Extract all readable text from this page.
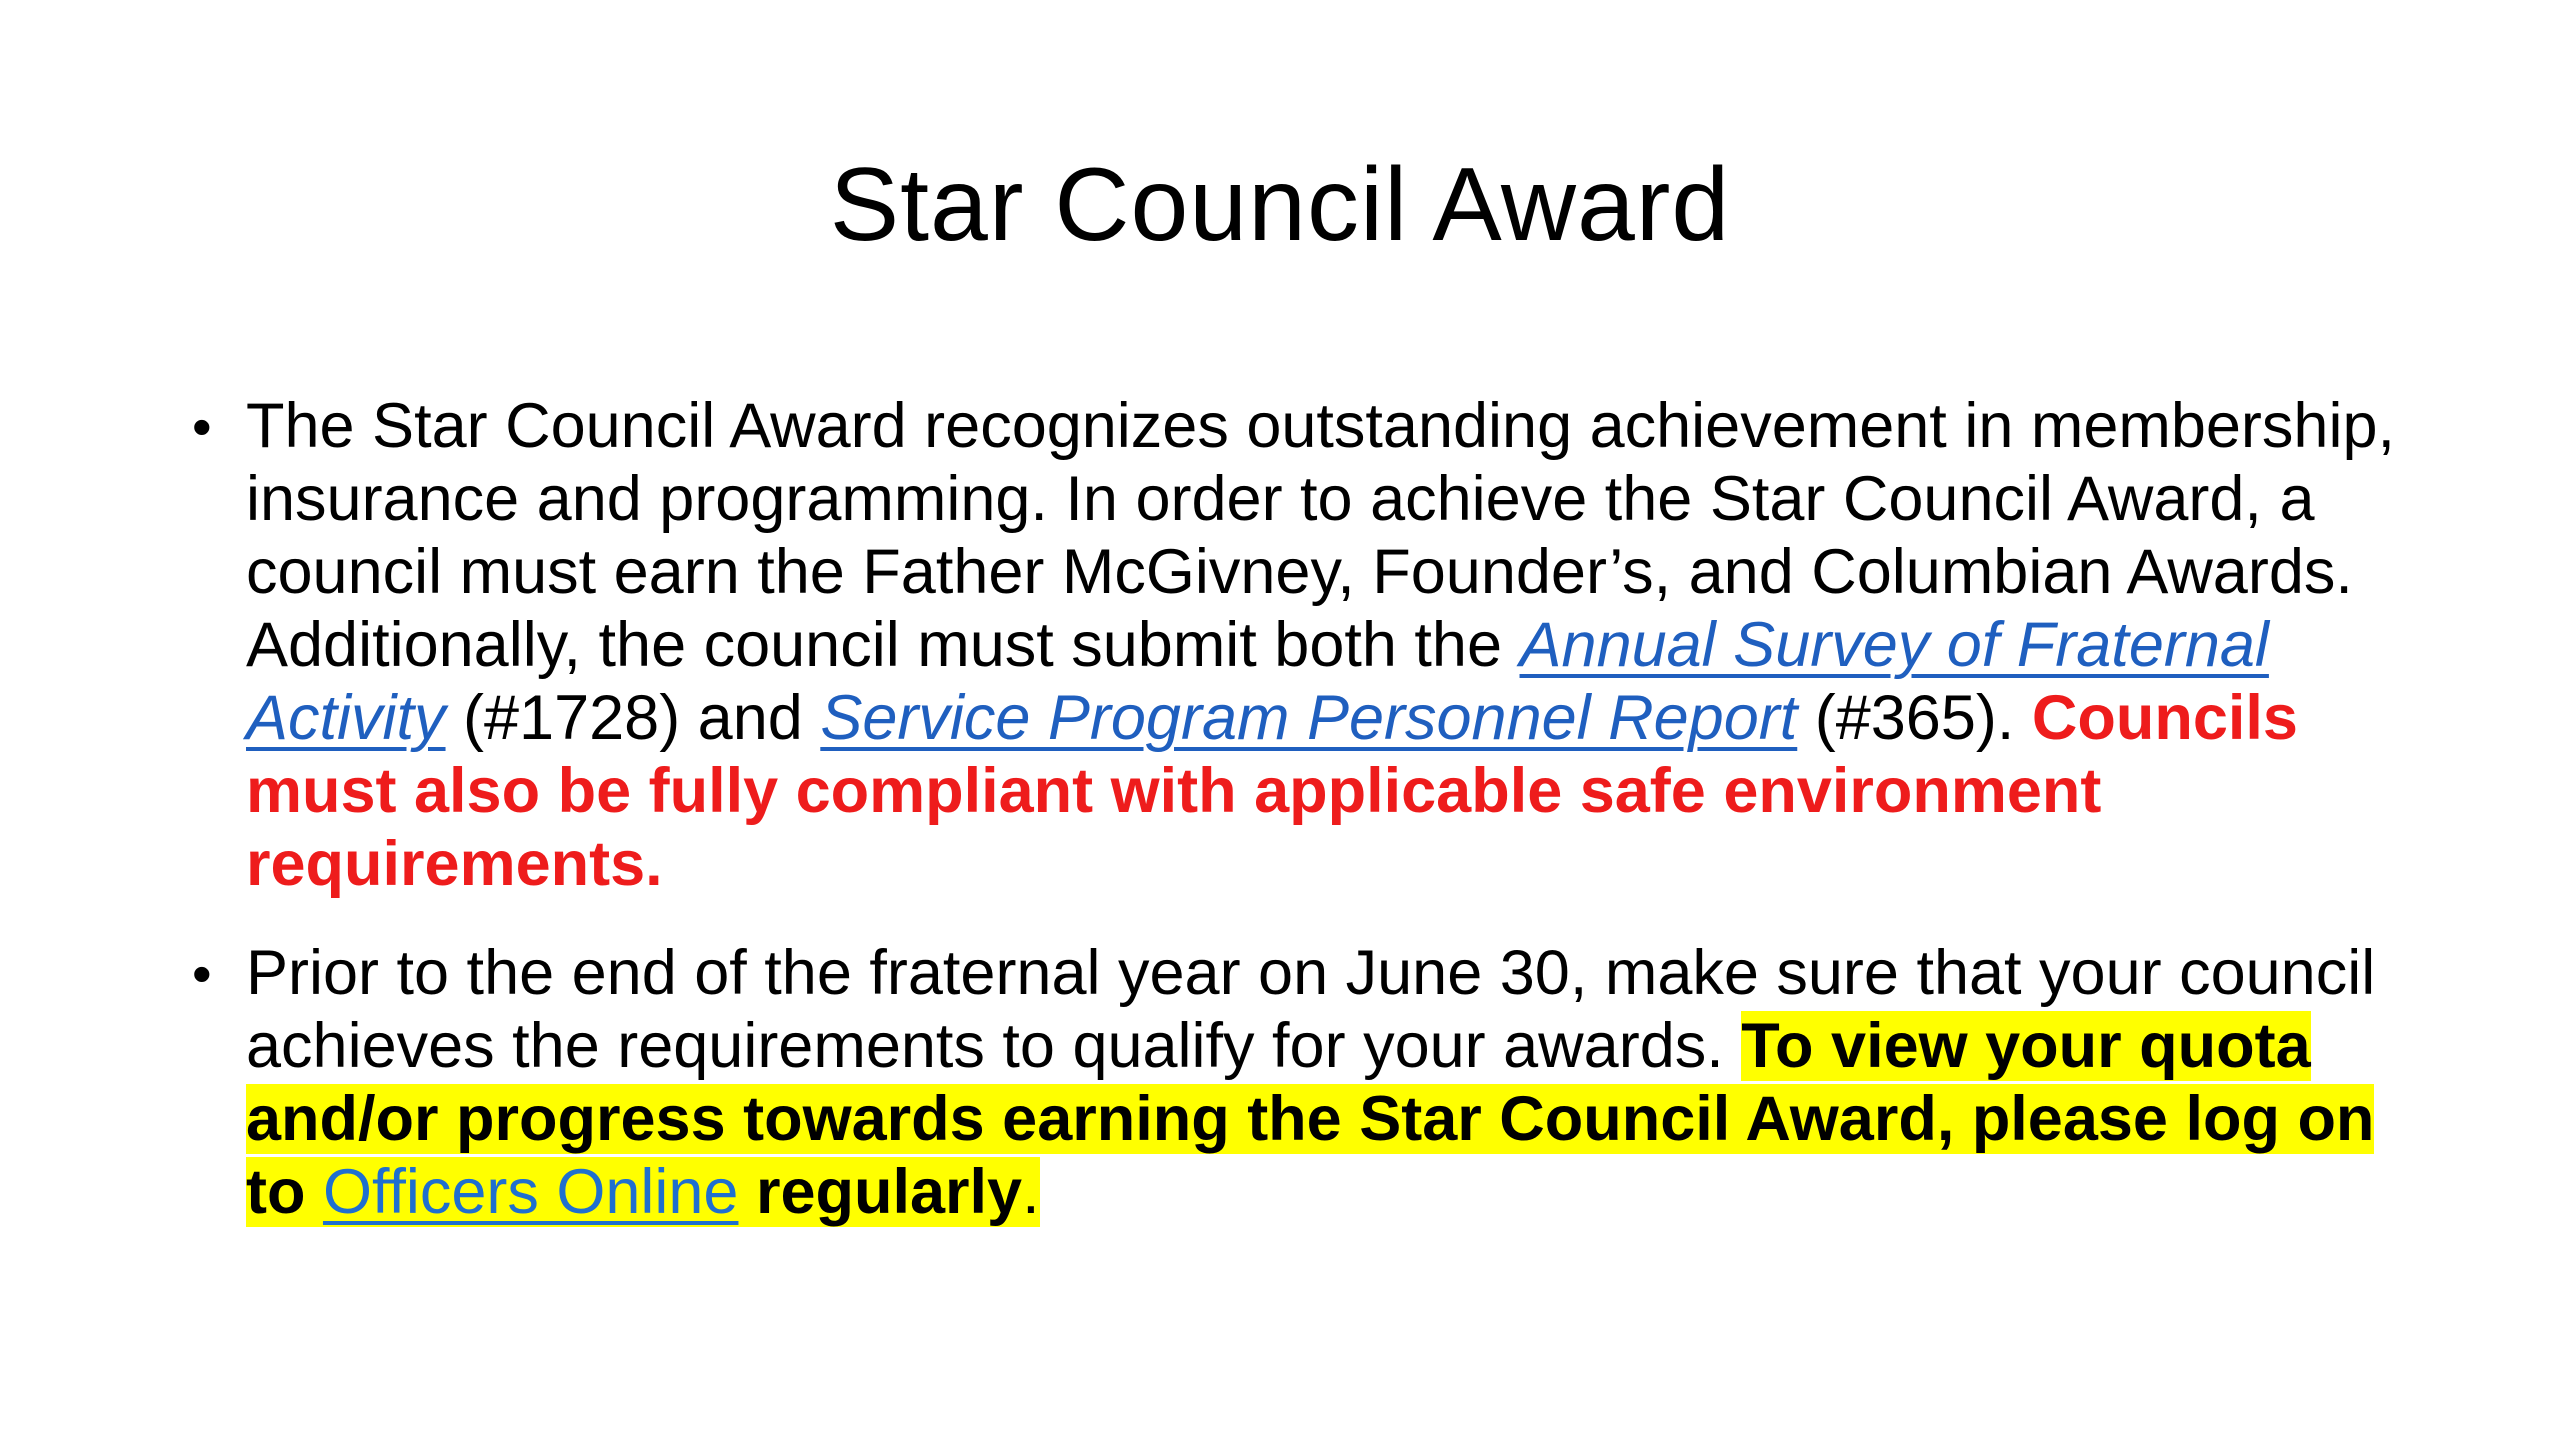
Star Council Award
• The Star Council Award recognizes outstanding achievement in membership, insurance and programming. In order to achieve the Star Council Award, a council must earn the Father McGivney, Founder’s, and Columbian Awards. Additionally, the council must submit both the Annual Survey of Fraternal Activity (#1728) and Service Program Personnel Report (#365). Councils must also be fully compliant with applicable safe environment requirements.
• Prior to the end of the fraternal year on June 30, make sure that your council achieves the requirements to qualify for your awards. To view your quota and/or progress towards earning the Star Council Award, please log on to Officers Online regularly.
